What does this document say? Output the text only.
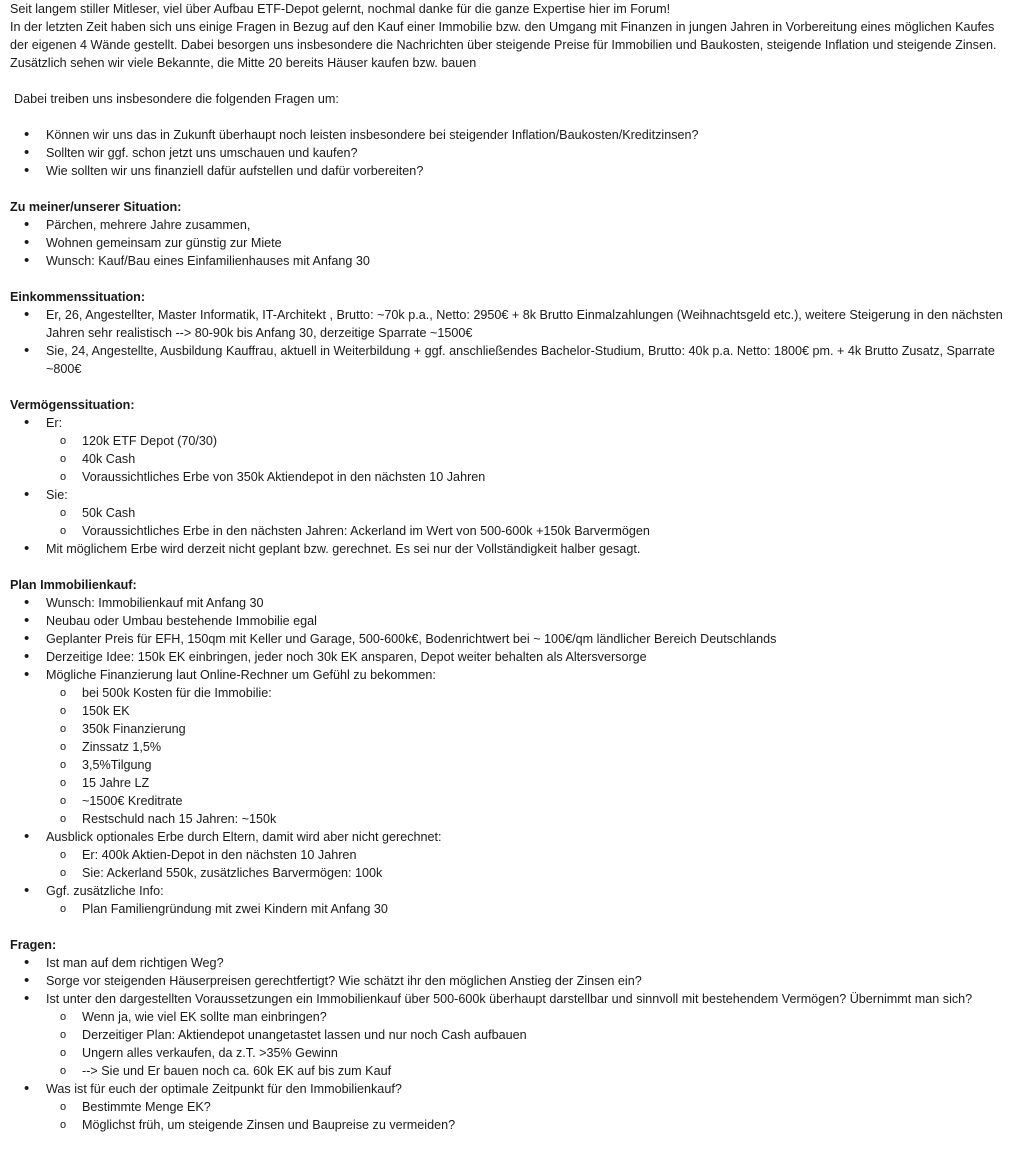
Seit langem stiller Mitleser, viel über Aufbau ETF-Depot gelernt, nochmal danke für die ganze Expertise hier im Forum!

In der letzten Zeit haben sich uns einige Fragen in Bezug auf den Kauf einer Immobilie bzw. den Umgang mit Finanzen in jungen Jahren in Vorbereitung eines möglichen Kaufes der eigenen 4 Wände gestellt. Dabei besorgen uns insbesondere die Nachrichten über steigende Preise für Immobilien und Baukosten, steigende Inflation und steigende Zinsen. Zusätzlich sehen wir viele Bekannte, die Mitte 20 bereits Häuser kaufen bzw. bauen

Dabei treiben uns insbesondere die folgenden Fragen um:

• Können wir uns das in Zukunft überhaupt noch leisten insbesondere bei steigender Inflation/Baukosten/Kreditzinsen?
• Sollten wir ggf. schon jetzt uns umschauen und kaufen?
• Wie sollten wir uns finanziell dafür aufstellen und dafür vorbereiten?
Zu meiner/unserer Situation:
• Pärchen, mehrere Jahre zusammen,
• Wohnen gemeinsam zur günstig zur Miete
• Wunsch: Kauf/Bau eines Einfamilienhauses mit Anfang 30
Einkommenssituation:
• Er, 26, Angestellter, Master Informatik, IT-Architekt , Brutto: ~70k p.a., Netto: 2950€ + 8k Brutto Einmalzahlungen (Weihnachtsgeld etc.), weitere Steigerung in den nächsten Jahren sehr realistisch --> 80-90k bis Anfang 30, derzeitige Sparrate ~1500€
• Sie, 24, Angestellte, Ausbildung Kauffrau, aktuell in Weiterbildung + ggf. anschließendes Bachelor-Studium, Brutto: 40k p.a. Netto: 1800€ pm. + 4k Brutto Zusatz, Sparrate ~800€
Vermögenssituation:
• Er:
o 120k ETF Depot (70/30)
o 40k Cash
o Voraussichtliches Erbe von 350k Aktiendepot in den nächsten 10 Jahren
• Sie:
o 50k Cash
o Voraussichtliches Erbe in den nächsten Jahren: Ackerland im Wert von 500-600k +150k Barvermögen
• Mit möglichem Erbe wird derzeit nicht geplant bzw. gerechnet. Es sei nur der Vollständigkeit halber gesagt.
Plan Immobilienkauf:
• Wunsch: Immobilienkauf mit Anfang 30
• Neubau oder Umbau bestehende Immobilie egal
• Geplanter Preis für EFH, 150qm mit Keller und Garage, 500-600k€, Bodenrichtwert bei ~ 100€/qm ländlicher Bereich Deutschlands
• Derzeitige Idee: 150k EK einbringen, jeder noch 30k EK ansparen, Depot weiter behalten als Altersversorge
• Mögliche Finanzierung laut Online-Rechner um Gefühl zu bekommen:
o bei 500k Kosten für die Immobilie:
o 150k EK
o 350k Finanzierung
o Zinssatz 1,5%
o 3,5%Tilgung
o 15 Jahre LZ
o ~1500€ Kreditrate
o Restschuld nach 15 Jahren: ~150k
• Ausblick optionales Erbe durch Eltern, damit wird aber nicht gerechnet:
o Er: 400k Aktien-Depot in den nächsten 10 Jahren
o Sie: Ackerland 550k, zusätzliches Barvermögen: 100k
• Ggf. zusätzliche Info:
o Plan Familiengründung mit zwei Kindern mit Anfang 30
Fragen:
• Ist man auf dem richtigen Weg?
• Sorge vor steigenden Häuserpreisen gerechtfertigt? Wie schätzt ihr den möglichen Anstieg der Zinsen ein?
• Ist unter den dargestellten Voraussetzungen ein Immobilienkauf über 500-600k überhaupt darstellbar und sinnvoll mit bestehendem Vermögen? Übernimmt man sich?
o Wenn ja, wie viel EK sollte man einbringen?
o Derzeitiger Plan: Aktiendepot unangetastet lassen und nur noch Cash aufbauen
o Ungern alles verkaufen, da z.T. >35% Gewinn
o --> Sie und Er bauen noch ca. 60k EK auf bis zum Kauf
• Was ist für euch der optimale Zeitpunkt für den Immobilienkauf?
o Bestimmte Menge EK?
o Möglichst früh, um steigende Zinsen und Baupreise zu vermeiden?
